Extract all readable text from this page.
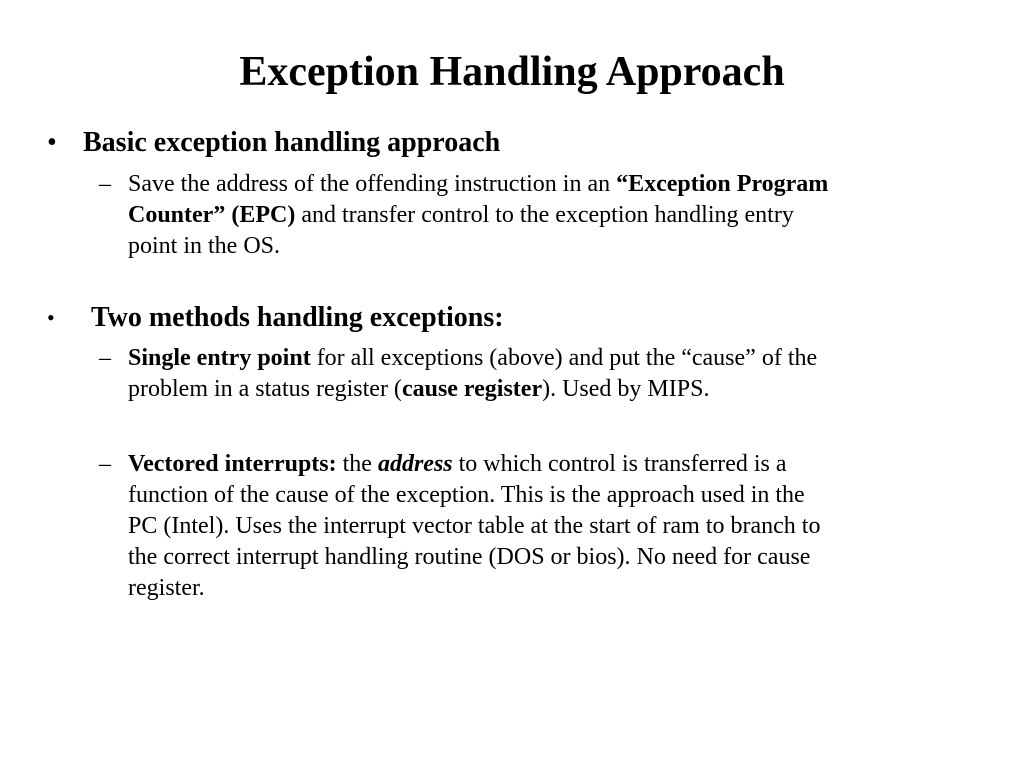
Exception Handling Approach
• Basic exception handling approach
– Save the address of the offending instruction in an “Exception Program
Counter” (EPC) and transfer control to the exception handling entry
point in the OS.
• Two methods handling exceptions:
– Single entry point for all exceptions (above) and put the “cause” of the
problem in a status register (cause register). Used by MIPS.
– Vectored interrupts: the address to which control is transferred is a
function of the cause of the exception. This is the approach used in the
PC (Intel). Uses the interrupt vector table at the start of ram to branch to
the correct interrupt handling routine (DOS or bios). No need for cause
register.
